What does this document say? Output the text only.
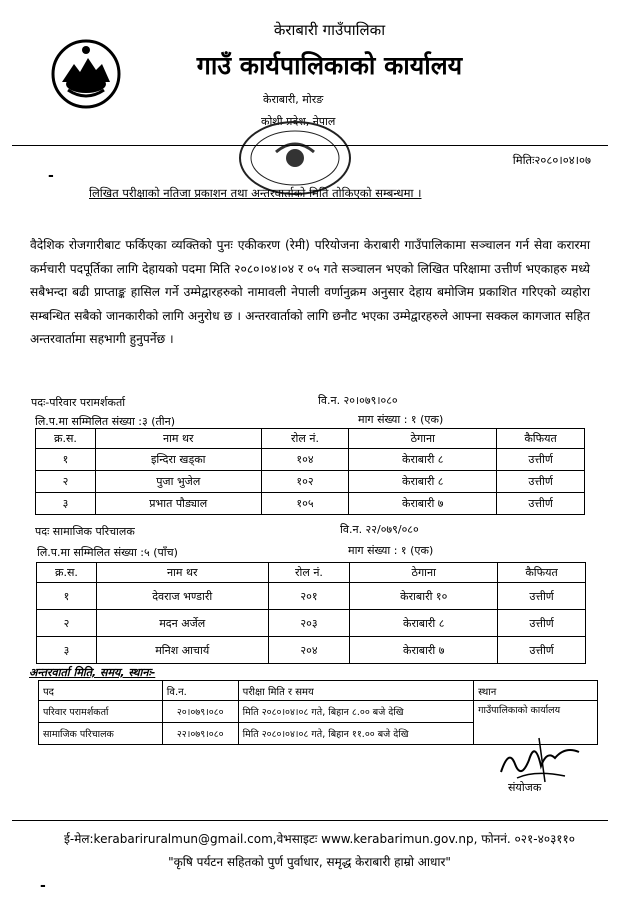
केराबारी गाउँपालिका
गाउँ कार्यपालिकाको कार्यालय
केराबारी, मोरङ
कोशी प्रदेश, नेपाल
मितिः२०८०।०४।०७
-
लिखित परीक्षाको नतिजा प्रकाशन तथा अन्तरवार्ताको मिति तोकिएको सम्बन्धमा ।
वैदेशिक रोजगारीबाट फर्किएका व्यक्तिको पुनः एकीकरण (रेमी) परियोजना केराबारी गाउँपालिकामा सञ्चालन गर्न सेवा करारमा कर्मचारी पदपूर्तिका लागि देहायको पदमा मिति २०८०।०४।०४ र ०५ गते सञ्चालन भएको लिखित परिक्षामा उत्तीर्ण भएकाहरु मध्ये सबैभन्दा बढी प्राप्ताङ्क हासिल गर्ने उम्मेद्वारहरुको नामावली नेपाली वर्णानुक्रम अनुसार देहाय बमोजिम प्रकाशित गरिएको व्यहोरा सम्बन्धित सबैको जानकारीको लागि अनुरोध छ । अन्तरवार्ताको लागि छनौट भएका उम्मेद्वारहरुले आफ्ना सक्कल कागजात सहित अन्तरवार्तामा सहभागी हुनुपर्नेछ ।
पदः-परिवार परामर्शकर्ता	वि.न. २०।०७९।०८०
लि.प.मा सम्मिलित संख्या :३ (तीन)	माग संख्या : १ (एक)
क्र.स.	नाम थर	रोल नं.	ठेगाना	कैफियत
१	इन्दिरा खड्का	१०४	केराबारी ८	उत्तीर्ण
२	पुजा भुजेल	१०२	केराबारी ८	उत्तीर्ण
३	प्रभात पौड्याल	१०५	केराबारी ७	उत्तीर्ण
पदः सामाजिक परिचालक	वि.न. २२/०७९/०८०
लि.प.मा सम्मिलित संख्या :५ (पाँच)	माग संख्या : १ (एक)
क्र.स.	नाम थर	रोल नं.	ठेगाना	कैफियत
१	देवराज भण्डारी	२०१	केराबारी १०	उत्तीर्ण
२	मदन अर्जेल	२०३	केराबारी ८	उत्तीर्ण
३	मनिश आचार्य	२०४	केराबारी ७	उत्तीर्ण
अन्तरवार्ता मिति, समय, स्थानः-
पद	वि.न.	परीक्षा मिति र समय	स्थान
परिवार परामर्शकर्ता	२०।०७९।०८०	मिति २०८०।०४।०८ गते, बिहान ८.०० बजे देखि	गाउँपालिकाको कार्यालय
सामाजिक परिचालक	२२।०७९।०८०	मिति २०८०।०४।०८ गते, बिहान ११.०० बजे देखि	
संयोजक
ई-मेल:kerabariruralmun@gmail.com,वेभसाइटः www.kerabarimun.gov.np, फोननं. ०२१-४०३११०
"कृषि पर्यटन सहितको पुर्ण पुर्वाधार, समृद्ध केराबारी हाम्रो आधार"
-
